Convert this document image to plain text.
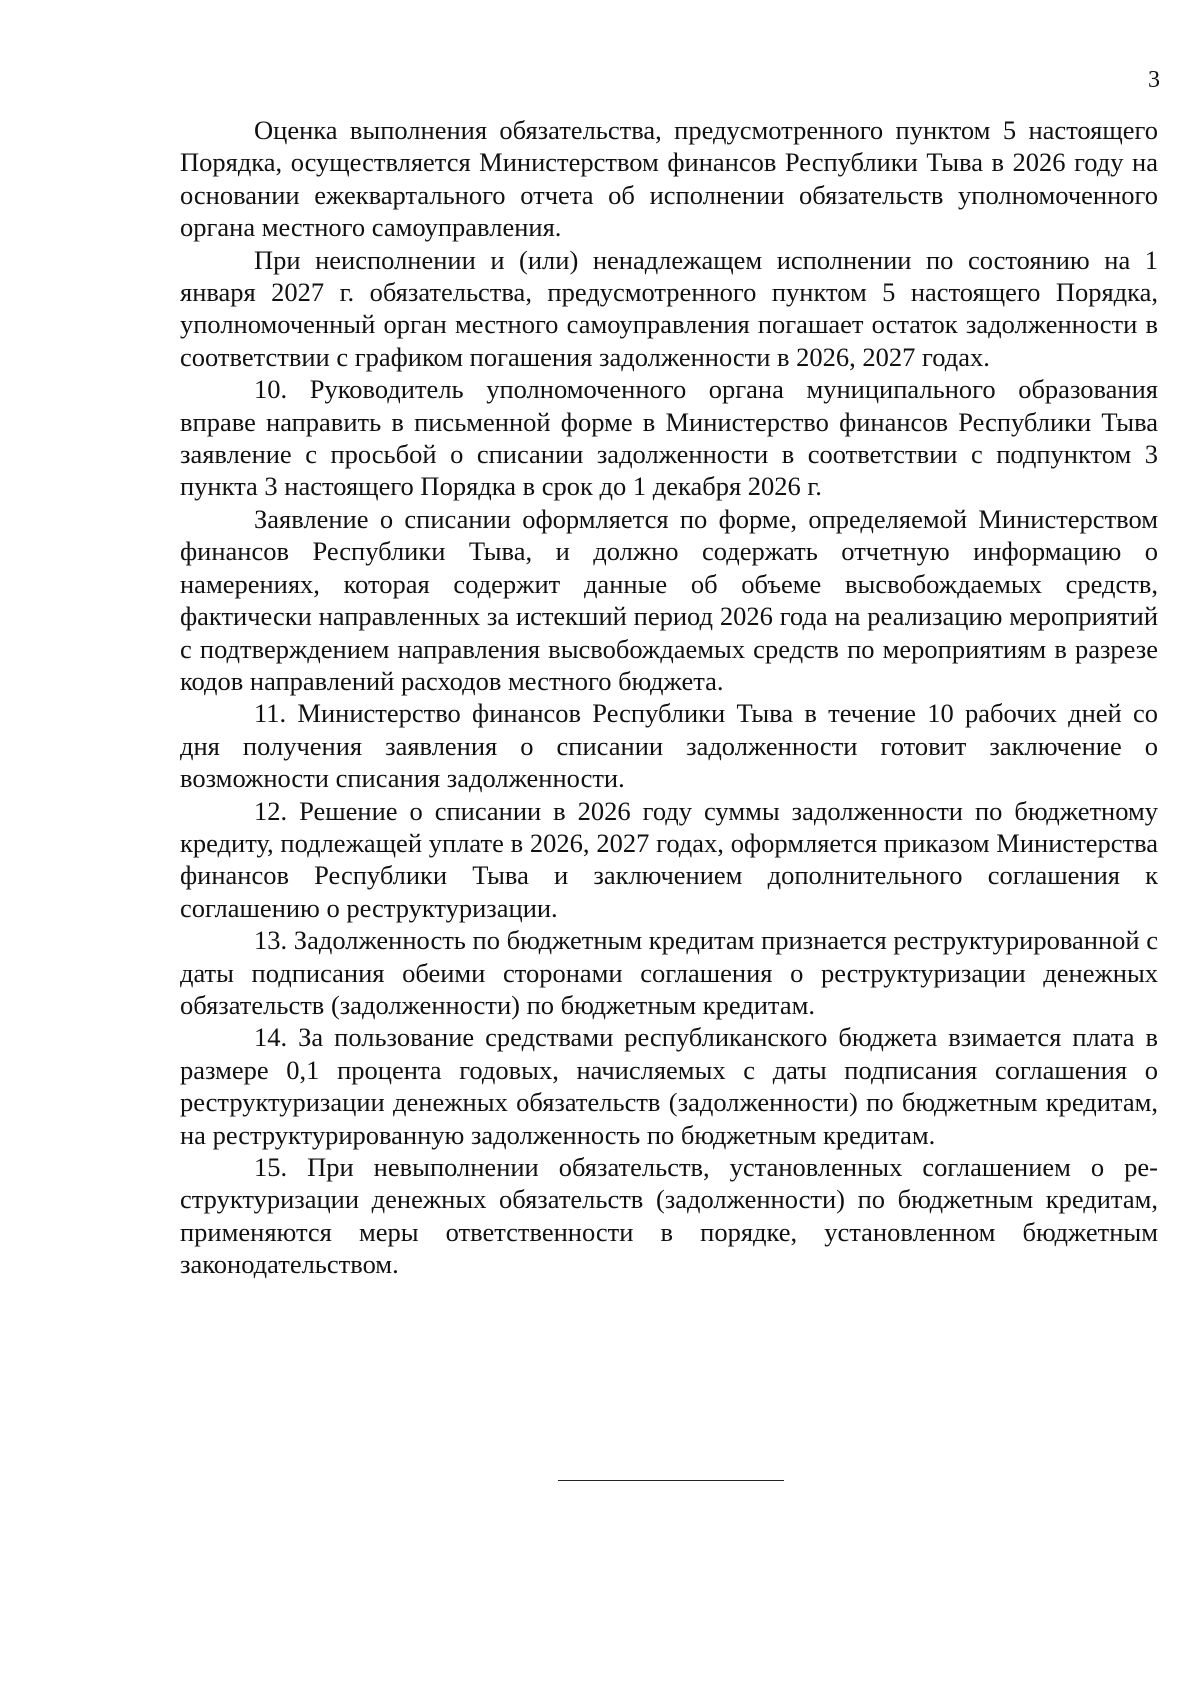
3

Оценка выполнения обязательства, предусмотренного пунктом 5 настоящего Порядка, осуществляется Министерством финансов Республики Тыва в 2026 году на основании ежеквартального отчета об исполнении обязательств уполномоченного органа местного самоуправления.

При неисполнении и (или) ненадлежащем исполнении по состоянию на 1 января 2027 г. обязательства, предусмотренного пунктом 5 настоящего Порядка, уполномоченный орган местного самоуправления погашает остаток задолженности в соответствии с графиком погашения задолженности в 2026, 2027 годах.

10. Руководитель уполномоченного органа муниципального образования вправе направить в письменной форме в Министерство финансов Республики Тыва заявление с просьбой о списании задолженности в соответствии с подпунктом 3 пункта 3 настоящего Порядка в срок до 1 декабря 2026 г.

Заявление о списании оформляется по форме, определяемой Министерством финансов Республики Тыва, и должно содержать отчетную информацию о намерениях, которая содержит данные об объеме высвобождаемых средств, фактически направленных за истекший период 2026 года на реализацию мероприятий с подтверждением направления высвобождаемых средств по мероприятиям в разрезе кодов направлений расходов местного бюджета.

11. Министерство финансов Республики Тыва в течение 10 рабочих дней со дня получения заявления о списании задолженности готовит заключение о возможности списания задолженности.

12. Решение о списании в 2026 году суммы задолженности по бюджетному кредиту, подлежащей уплате в 2026, 2027 годах, оформляется приказом Министерства финансов Республики Тыва и заключением дополнительного соглашения к соглашению о реструктуризации.

13. Задолженность по бюджетным кредитам признается реструктурированной с даты подписания обеими сторонами соглашения о реструктуризации денежных обязательств (задолженности) по бюджетным кредитам.

14. За пользование средствами республиканского бюджета взимается плата в размере 0,1 процента годовых, начисляемых с даты подписания соглашения о реструктуризации денежных обязательств (задолженности) по бюджетным кредитам, на реструктурированную задолженность по бюджетным кредитам.

15. При невыполнении обязательств, установленных соглашением о реструктуризации денежных обязательств (задолженности) по бюджетным кредитам, применяются меры ответственности в порядке, установленном бюджетным законодательством.
